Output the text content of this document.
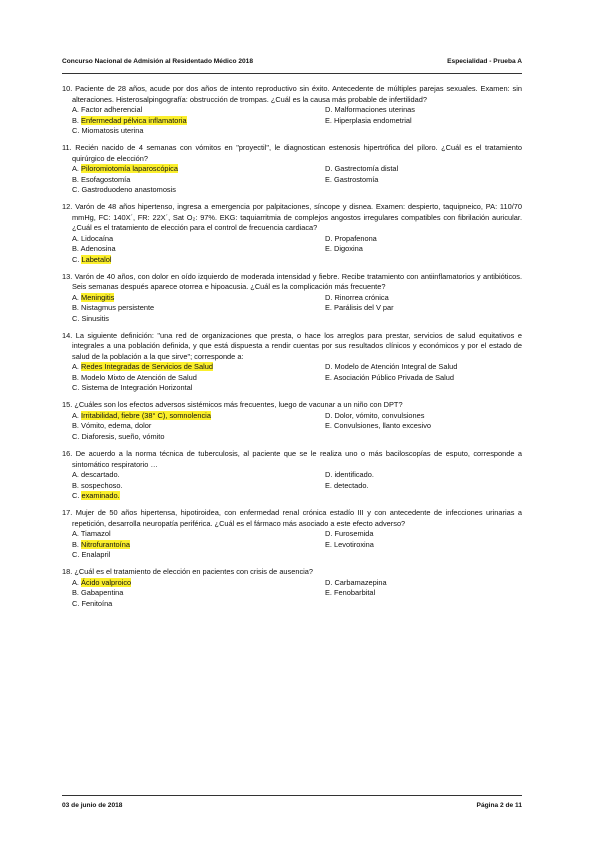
Concurso Nacional de Admisión al Residentado Médico 2018	Especialidad - Prueba A
10. Paciente de 28 años, acude por dos años de intento reproductivo sin éxito. Antecedente de múltiples parejas sexuales. Examen: sin alteraciones. Histerosalpingografía: obstrucción de trompas. ¿Cuál es la causa más probable de infertilidad?
A. Factor adherencial	D. Malformaciones uterinas
B. Enfermedad pélvica inflamatoria	E. Hiperplasia endometrial
C. Miomatosis uterina
11. Recién nacido de 4 semanas con vómitos en "proyectil", le diagnostican estenosis hipertrófica del píloro. ¿Cuál es el tratamiento quirúrgico de elección?
A. Piloromiotomía laparoscópica	D. Gastrectomía distal
B. Esofagostomía	E. Gastrostomía
C. Gastroduodeno anastomosis
12. Varón de 48 años hipertenso, ingresa a emergencia por palpitaciones, síncope y disnea. Examen: despierto, taquipneico, PA: 110/70 mmHg, FC: 140X´, FR: 22X´, Sat O₂: 97%. EKG: taquiarritmia de complejos angostos irregulares compatibles con fibrilación auricular. ¿Cuál es el tratamiento de elección para el control de frecuencia cardiaca?
A. Lidocaína	D. Propafenona
B. Adenosina	E. Digoxina
C. Labetalol
13. Varón de 40 años, con dolor en oído izquierdo de moderada intensidad y fiebre. Recibe tratamiento con antiinflamatorios y antibióticos. Seis semanas después aparece otorrea e hipoacusia. ¿Cuál es la complicación más frecuente?
A. Meningitis	D. Rinorrea crónica
B. Nistagmus persistente	E. Parálisis del V par
C. Sinusitis
14. La siguiente definición: "una red de organizaciones que presta, o hace los arreglos para prestar, servicios de salud equitativos e integrales a una población definida, y que está dispuesta a rendir cuentas por sus resultados clínicos y económicos y por el estado de salud de la población a la que sirve"; corresponde a:
A. Redes Integradas de Servicios de Salud	D. Modelo de Atención Integral de Salud
B. Modelo Mixto de Atención de Salud	E. Asociación Público Privada de Salud
C. Sistema de Integración Horizontal
15. ¿Cuáles son los efectos adversos sistémicos más frecuentes, luego de vacunar a un niño con DPT?
A. Irritabilidad, fiebre (38° C), somnolencia	D. Dolor, vómito, convulsiones
B. Vómito, edema, dolor	E. Convulsiones, llanto excesivo
C. Diaforesis, sueño, vómito
16. De acuerdo a la norma técnica de tuberculosis, al paciente que se le realiza uno o más baciloscopías de esputo, corresponde a sintomático respiratorio …
A. descartado.	D. identificado.
B. sospechoso.	E. detectado.
C. examinado.
17. Mujer de 50 años hipertensa, hipotiroidea, con enfermedad renal crónica estadío III y con antecedente de infecciones urinarias a repetición, desarrolla neuropatía periférica. ¿Cuál es el fármaco más asociado a este efecto adverso?
A. Tiamazol	D. Furosemida
B. Nitrofurantoína	E. Levotiroxina
C. Enalapril
18. ¿Cuál es el tratamiento de elección en pacientes con crisis de ausencia?
A. Ácido valproico	D. Carbamazepina
B. Gabapentina	E. Fenobarbital
C. Fenitoína
03 de junio de 2018	Página 2 de 11
